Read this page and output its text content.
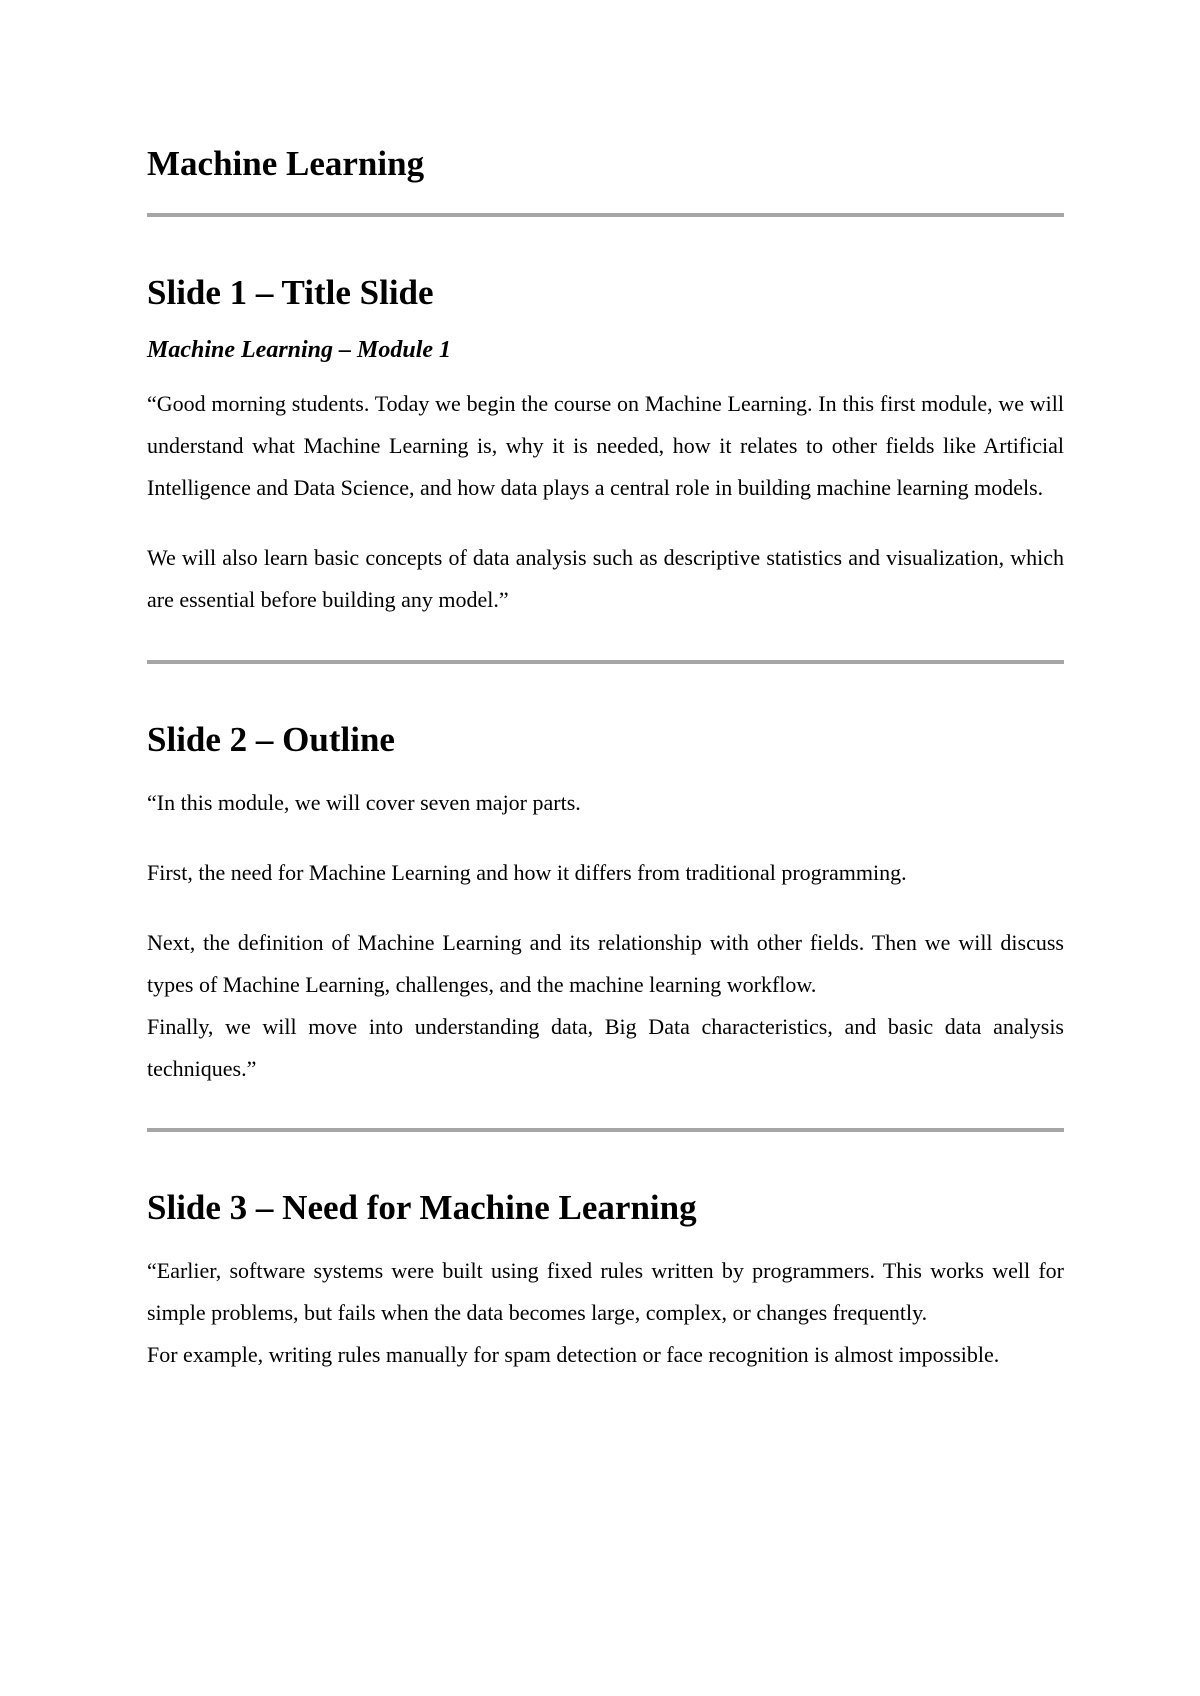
Machine Learning
Slide 1 – Title Slide

Machine Learning – Module 1

“Good morning students. Today we begin the course on Machine Learning. In this first module, we will understand what Machine Learning is, why it is needed, how it relates to other fields like Artificial Intelligence and Data Science, and how data plays a central role in building machine learning models.

We will also learn basic concepts of data analysis such as descriptive statistics and visualization, which are essential before building any model.”

Slide 2 – Outline

“In this module, we will cover seven major parts.

First, the need for Machine Learning and how it differs from traditional programming.

Next, the definition of Machine Learning and its relationship with other fields. Then we will discuss types of Machine Learning, challenges, and the machine learning workflow.

Finally, we will move into understanding data, Big Data characteristics, and basic data analysis techniques.”

Slide 3 – Need for Machine Learning

“Earlier, software systems were built using fixed rules written by programmers. This works well for simple problems, but fails when the data becomes large, complex, or changes frequently.

For example, writing rules manually for spam detection or face recognition is almost impossible.
